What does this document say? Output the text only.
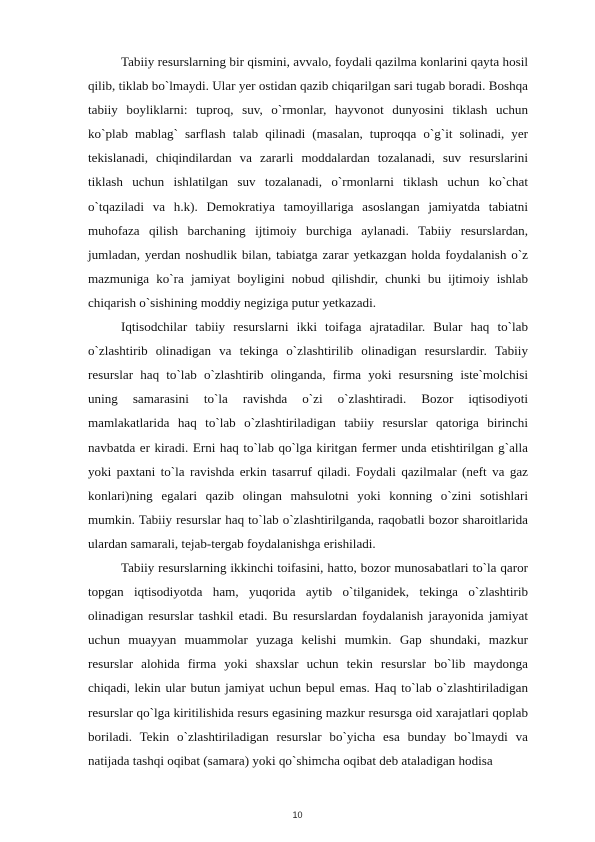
Tabiiy resurslarning bir qismini, avvalo, foydali qazilma konlarini qayta hosil qilib, tiklab bo`lmaydi. Ular yer ostidan qazib chiqarilgan sari tugab boradi. Boshqa tabiiy boyliklarni: tuproq, suv, o`rmonlar, hayvonot dunyosini tiklash uchun ko`plab mablag` sarflash talab qilinadi (masalan, tuproqqa o`g`it solinadi, yer tekislanadi, chiqindilardan va zararli moddalardan tozalanadi, suv resurslarini tiklash uchun ishlatilgan suv tozalanadi, o`rmonlarni tiklash uchun ko`chat o`tqaziladi va h.k). Demokratiya tamoyillariga asoslangan jamiyatda tabiatni muhofaza qilish barchaning ijtimoiy burchiga aylanadi. Tabiiy resurslardan, jumladan, yerdan noshudlik bilan, tabiatga zarar yetkazgan holda foydalanish o`z mazmuniga ko`ra jamiyat boyligini nobud qilishdir, chunki bu ijtimoiy ishlab chiqarish o`sishining moddiy negiziga putur yetkazadi.

Iqtisodchilar tabiiy resurslarni ikki toifaga ajratadilar. Bular haq to`lab o`zlashtirib olinadigan va tekinga o`zlashtirilib olinadigan resurslardir. Tabiiy resurslar haq to`lab o`zlashtirib olinganda, firma yoki resursning iste`molchisi uning samarasini to`la ravishda o`zi o`zlashtiradi. Bozor iqtisodiyoti mamlakatlarida haq to`lab o`zlashtiriladigan tabiiy resurslar qatoriga birinchi navbatda er kiradi. Erni haq to`lab qo`lga kiritgan fermer unda etishtirilgan g`alla yoki paxtani to`la ravishda erkin tasarruf qiladi. Foydali qazilmalar (neft va gaz konlari)ning egalari qazib olingan mahsulotni yoki konning o`zini sotishlari mumkin. Tabiiy resurslar haq to`lab o`zlashtirilganda, raqobatli bozor sharoitlarida ulardan samarali, tejab-tergab foydalanishga erishiladi.

Tabiiy resurslarning ikkinchi toifasini, hatto, bozor munosabatlari to`la qaror topgan iqtisodiyotda ham, yuqorida aytib o`tilganidek, tekinga o`zlashtirib olinadigan resurslar tashkil etadi. Bu resurslardan foydalanish jarayonida jamiyat uchun muayyan muammolar yuzaga kelishi mumkin. Gap shundaki, mazkur resurslar alohida firma yoki shaxslar uchun tekin resurslar bo`lib maydonga chiqadi, lekin ular butun jamiyat uchun bepul emas. Haq to`lab o`zlashtiriladigan resurslar qo`lga kiritilishida resurs egasining mazkur resursga oid xarajatlari qoplab boriladi. Tekin o`zlashtiriladigan resurslar bo`yicha esa bunday bo`lmaydi va natijada tashqi oqibat (samara) yoki qo`shimcha oqibat deb ataladigan hodisa

10
